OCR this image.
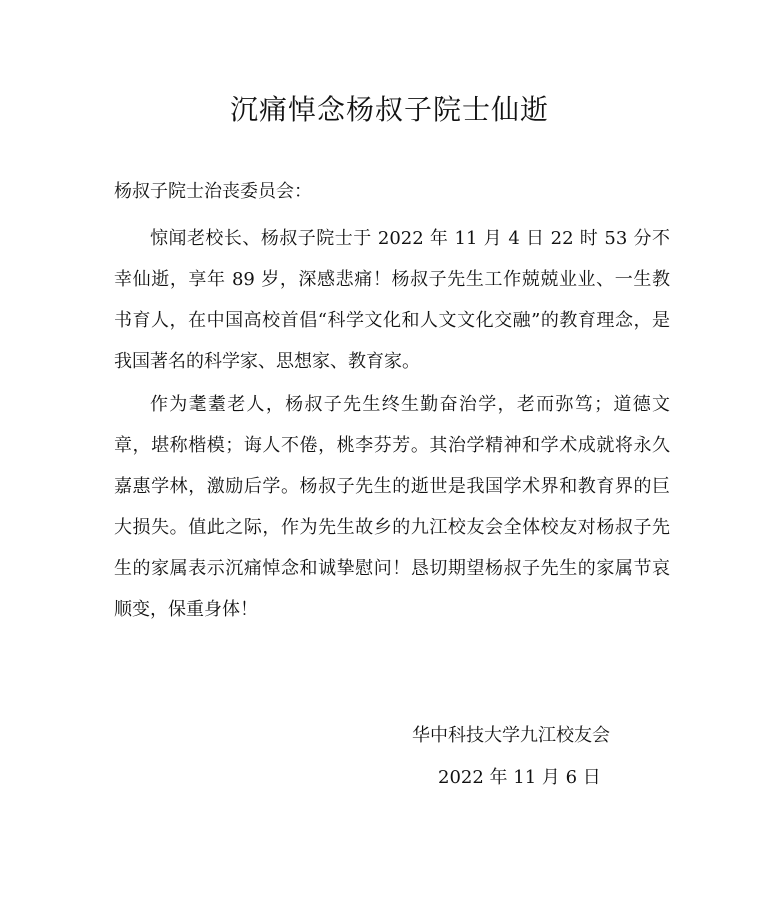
沉痛悼念杨叔子院士仙逝
杨叔子院士治丧委员会：

惊闻老校长、杨叔子院士于 2022 年 11 月 4 日 22 时 53 分不幸仙逝，享年 89 岁，深感悲痛！杨叔子先生工作兢兢业业、一生教书育人，在中国高校首倡“科学文化和人文文化交融”的教育理念，是我国著名的科学家、思想家、教育家。

作为耄耋老人，杨叔子先生终生勤奋治学，老而弥笃；道德文章，堪称楷模；诲人不倦，桃李芬芳。其治学精神和学术成就将永久嘉惠学林，激励后学。杨叔子先生的逝世是我国学术界和教育界的巨大损失。值此之际，作为先生故乡的九江校友会全体校友对杨叔子先生的家属表示沉痛悼念和诚挚慰问！恳切期望杨叔子先生的家属节哀顺变，保重身体！

华中科技大学九江校友会
2022 年 11 月 6 日
